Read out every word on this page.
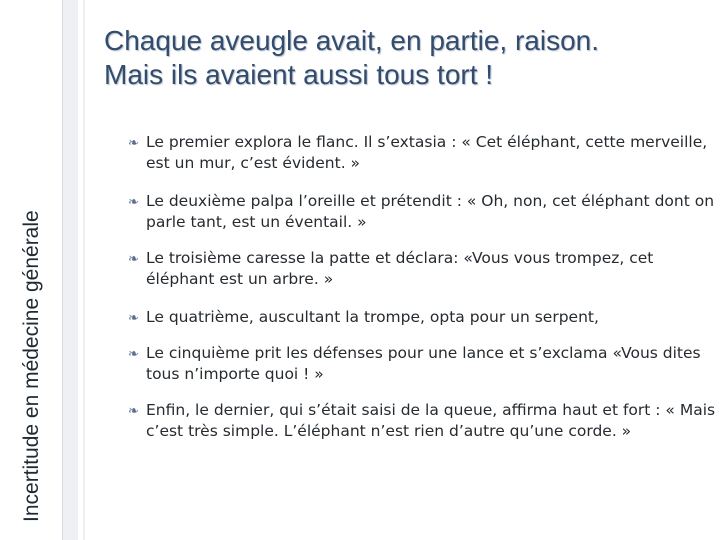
Incertitude en médecine générale
Chaque aveugle avait, en partie, raison.
Mais ils avaient aussi tous tort !
❧ Le premier explora le flanc. Il s’extasia : « Cet éléphant, cette merveille, est un mur, c’est évident. »
❧ Le deuxième palpa l’oreille et prétendit : « Oh, non, cet éléphant dont on parle tant, est un éventail. »
❧ Le troisième caresse la patte et déclara: «Vous vous trompez, cet éléphant est un arbre. »
❧ Le quatrième, auscultant la trompe, opta pour un serpent,
❧ Le cinquième prit les défenses pour une lance et s’exclama «Vous dites tous n’importe quoi ! »
❧ Enfin, le dernier, qui s’était saisi de la queue, affirma haut et fort : « Mais c’est très simple. L’éléphant n’est rien d’autre qu’une corde. »
